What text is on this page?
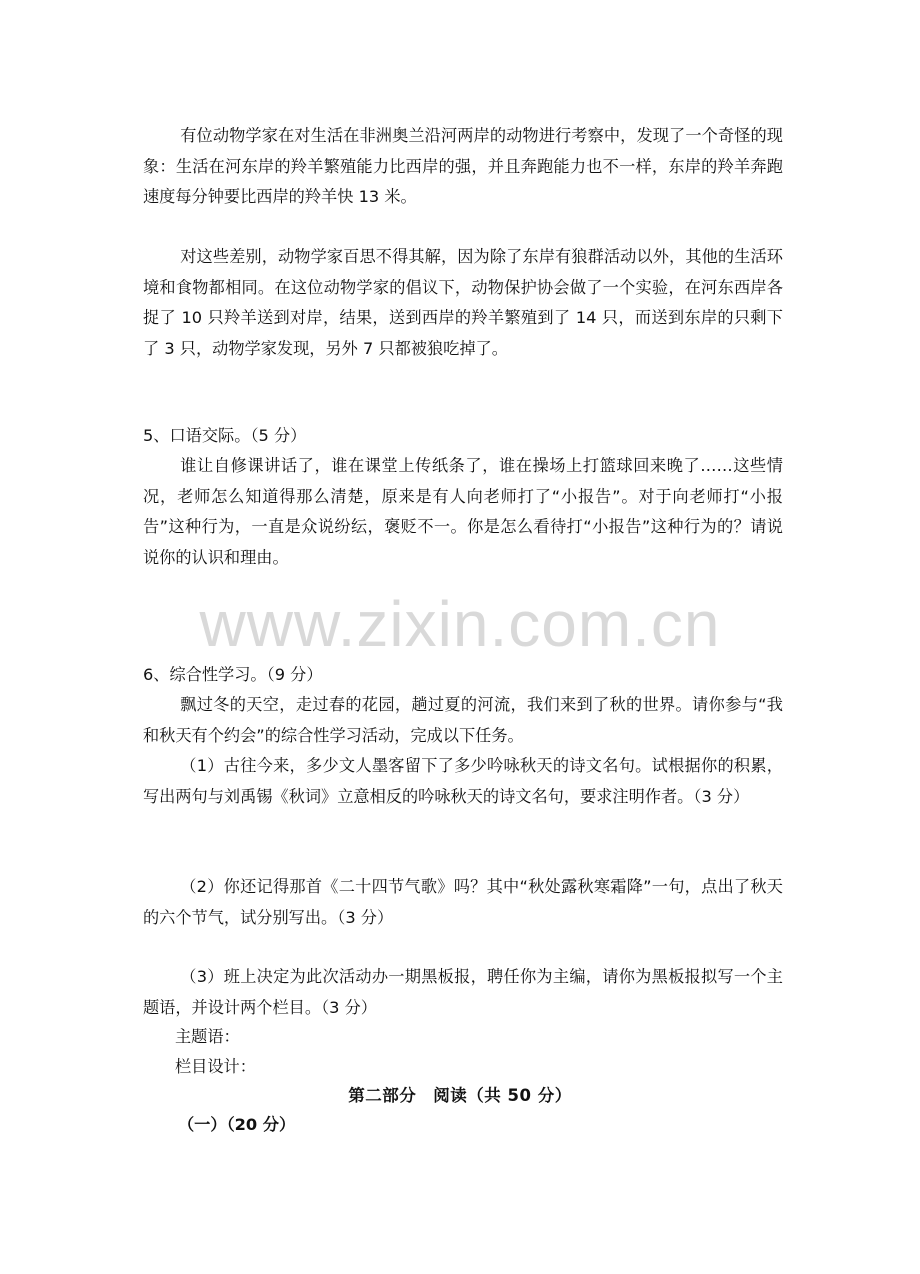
有位动物学家在对生活在非洲奥兰沿河两岸的动物进行考察中，发现了一个奇怪的现象：生活在河东岸的羚羊繁殖能力比西岸的强，并且奔跑能力也不一样，东岸的羚羊奔跑速度每分钟要比西岸的羚羊快 13 米。

对这些差别，动物学家百思不得其解，因为除了东岸有狼群活动以外，其他的生活环境和食物都相同。在这位动物学家的倡议下，动物保护协会做了一个实验，在河东西岸各捉了 10 只羚羊送到对岸，结果，送到西岸的羚羊繁殖到了 14 只，而送到东岸的只剩下了 3 只，动物学家发现，另外 7 只都被狼吃掉了。

5、口语交际。（5 分）

谁让自修课讲话了，谁在课堂上传纸条了，谁在操场上打篮球回来晚了……这些情况，老师怎么知道得那么清楚，原来是有人向老师打了“小报告”。对于向老师打“小报告”这种行为，一直是众说纷纭，褒贬不一。你是怎么看待打“小报告”这种行为的？请说说你的认识和理由。

www.zixin.com.cn

6、综合性学习。（9 分）

飘过冬的天空，走过春的花园，趟过夏的河流，我们来到了秋的世界。请你参与“我和秋天有个约会”的综合性学习活动，完成以下任务。

（1）古往今来，多少文人墨客留下了多少吟咏秋天的诗文名句。试根据你的积累，写出两句与刘禹锡《秋词》立意相反的吟咏秋天的诗文名句，要求注明作者。（3 分）

（2）你还记得那首《二十四节气歌》吗？其中“秋处露秋寒霜降”一句，点出了秋天的六个节气，试分别写出。（3 分）

（3）班上决定为此次活动办一期黑板报，聘任你为主编，请你为黑板报拟写一个主题语，并设计两个栏目。（3 分）

主题语：

栏目设计：

第二部分　阅读（共 50 分）

（一）（20 分）
